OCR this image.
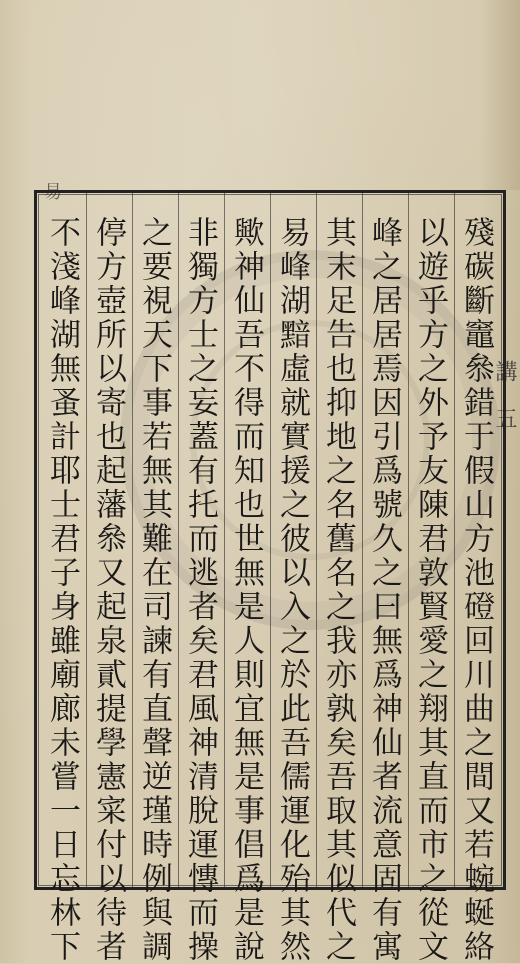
易
殘碳斷竈叅錯于假山方池磴回川曲之間又若蜿蜒絡
以遊乎方之外予友陳君敦賢愛之翔其直而市之從文
峰之居居焉因引爲號久之曰無爲神仙者流意固有寓
其末足告也抑地之名舊名之我亦孰矣吾取其似代之
易峰湖黯虛就實援之彼以入之於此吾儒運化殆其然
歟神仙吾不得而知也世無是人則宜無是事倡爲是說
非獨方士之妄蓋有托而逃者矣君風神清脫運慱而操
之要視天下事若無其難在司諫有直聲逆瑾時例與調
停方壺所以寄也起藩叅又起泉貳提學憲寀付以待者
不淺峰湖無蚤計耶士君子身雖廟廊未嘗一日忘林下	講 五
